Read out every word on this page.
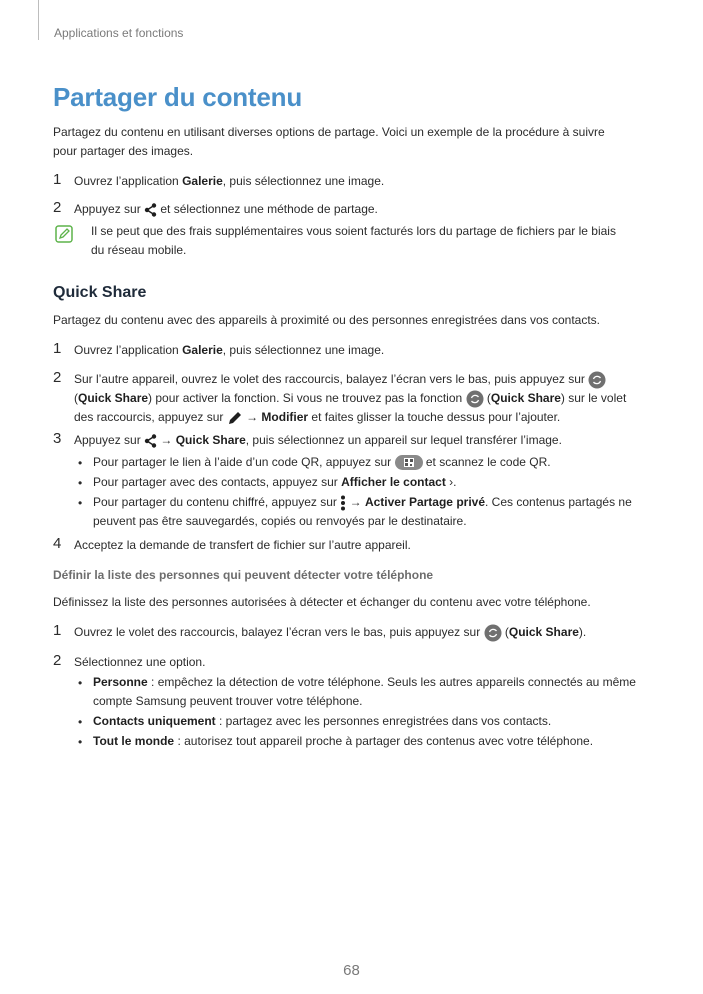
Applications et fonctions
Partager du contenu
Partagez du contenu en utilisant diverses options de partage. Voici un exemple de la procédure à suivre
pour partager des images.
1 Ouvrez l’application Galerie, puis sélectionnez une image.
2 Appuyez sur  et sélectionnez une méthode de partage.
Il se peut que des frais supplémentaires vous soient facturés lors du partage de fichiers par le biais
du réseau mobile.
Quick Share
Partagez du contenu avec des appareils à proximité ou des personnes enregistrées dans vos contacts.
1 Ouvrez l’application Galerie, puis sélectionnez une image.
2 Sur l’autre appareil, ouvrez le volet des raccourcis, balayez l’écran vers le bas, puis appuyez sur
(Quick Share) pour activer la fonction. Si vous ne trouvez pas la fonction  (Quick Share) sur le volet
des raccourcis, appuyez sur  → Modifier et faites glisser la touche dessus pour l’ajouter.
3 Appuyez sur  → Quick Share, puis sélectionnez un appareil sur lequel transférer l’image.
• Pour partager le lien à l’aide d’un code QR, appuyez sur  et scannez le code QR.
• Pour partager avec des contacts, appuyez sur Afficher le contact ›.
• Pour partager du contenu chiffré, appuyez sur  → Activer Partage privé. Ces contenus partagés ne
peuvent pas être sauvegardés, copiés ou renvoyés par le destinataire.
4 Acceptez la demande de transfert de fichier sur l’autre appareil.
Définir la liste des personnes qui peuvent détecter votre téléphone
Définissez la liste des personnes autorisées à détecter et échanger du contenu avec votre téléphone.
1 Ouvrez le volet des raccourcis, balayez l’écran vers le bas, puis appuyez sur  (Quick Share).
2 Sélectionnez une option.
• Personne : empêchez la détection de votre téléphone. Seuls les autres appareils connectés au même
compte Samsung peuvent trouver votre téléphone.
• Contacts uniquement : partagez avec les personnes enregistrées dans vos contacts.
• Tout le monde : autorisez tout appareil proche à partager des contenus avec votre téléphone.
68
